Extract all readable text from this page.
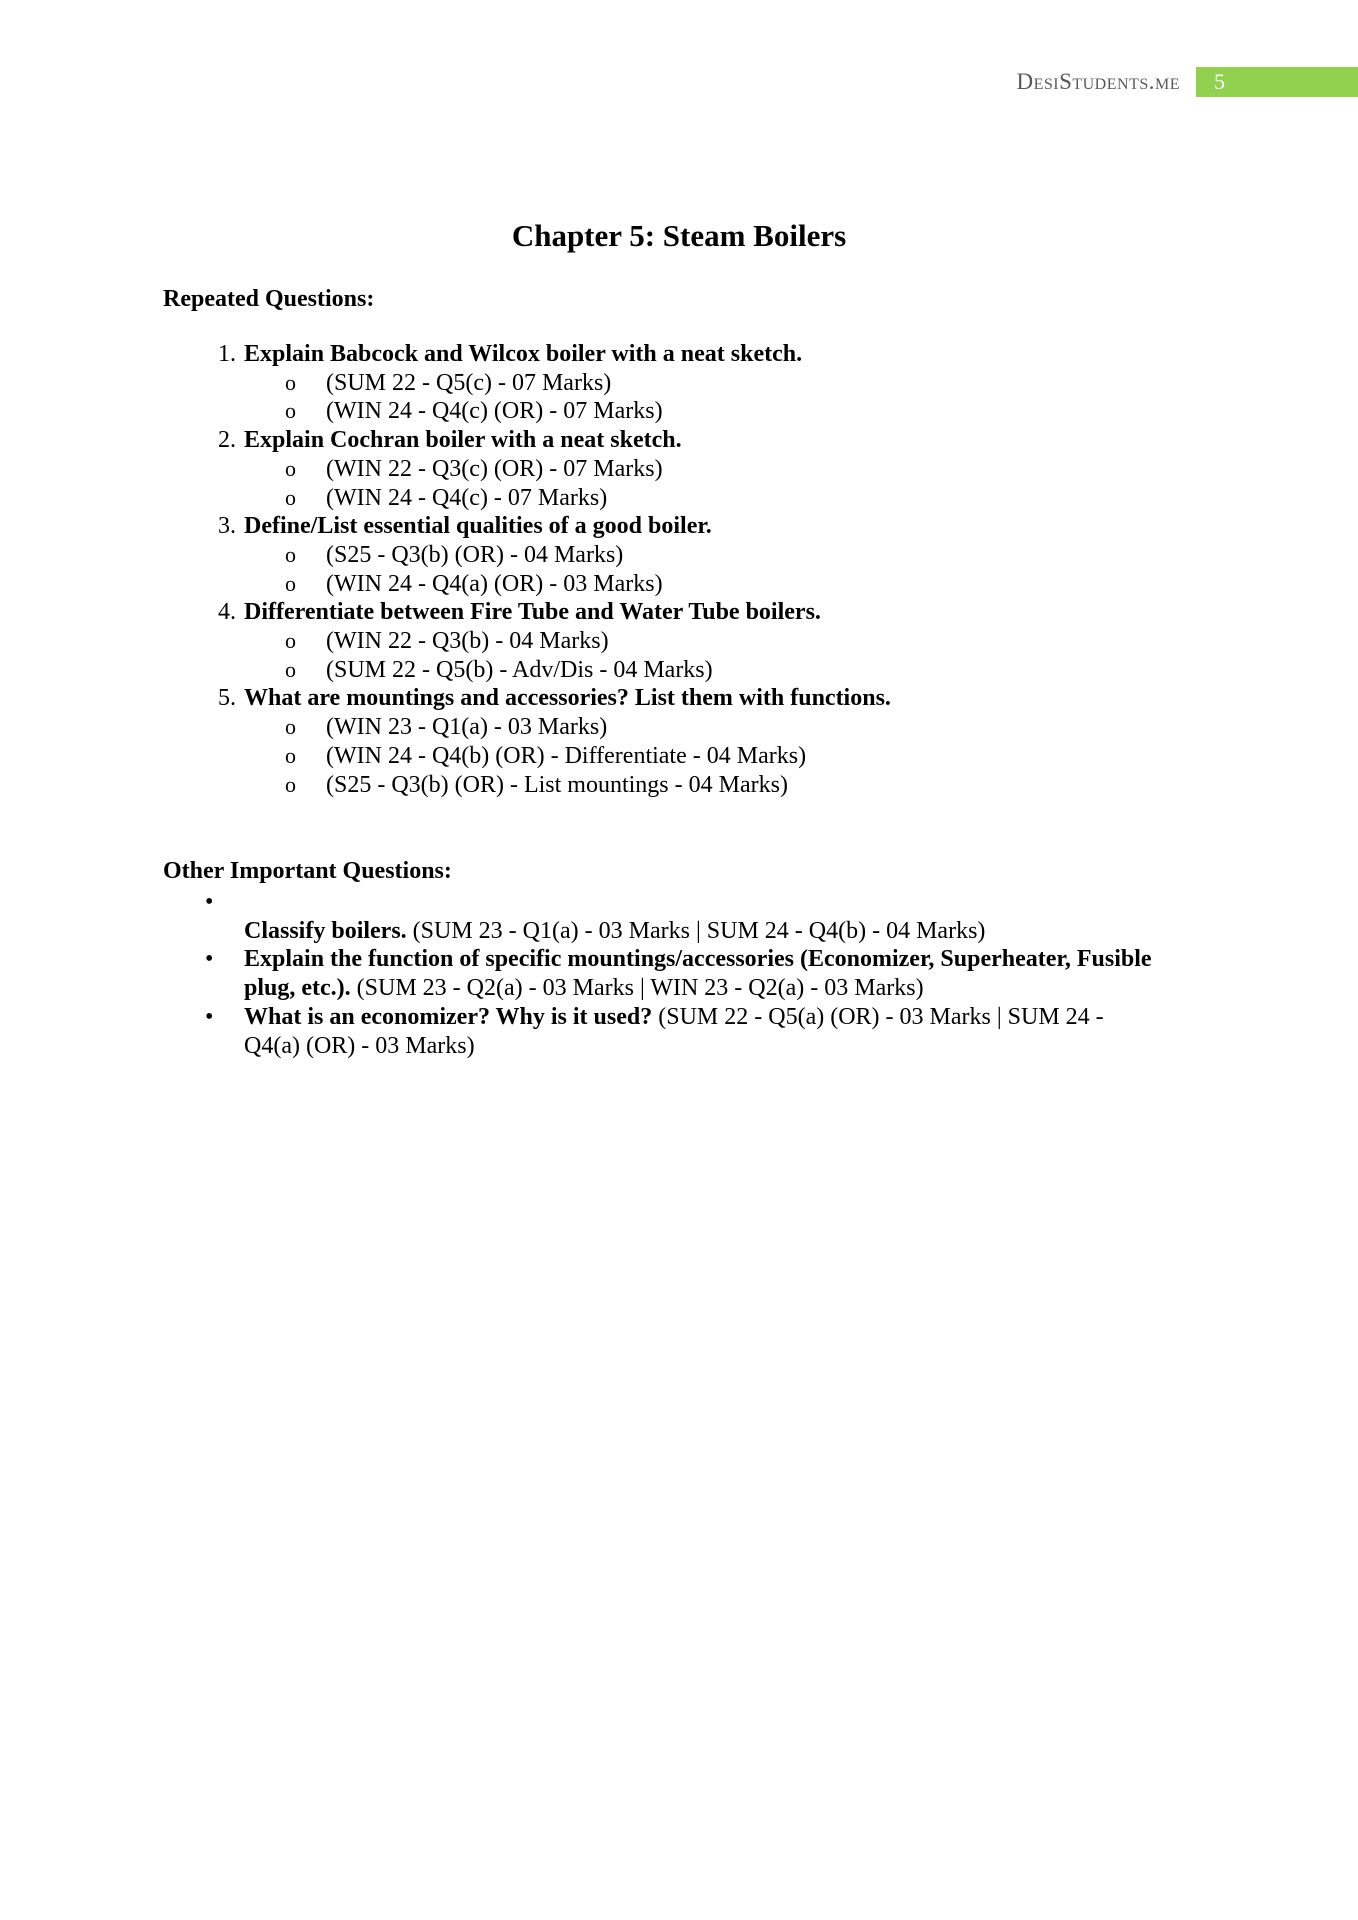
DesiStudents.me	5
Chapter 5: Steam Boilers
Repeated Questions:
1. Explain Babcock and Wilcox boiler with a neat sketch.
o	(SUM 22 - Q5(c) - 07 Marks)
o	(WIN 24 - Q4(c) (OR) - 07 Marks)
2. Explain Cochran boiler with a neat sketch.
o	(WIN 22 - Q3(c) (OR) - 07 Marks)
o	(WIN 24 - Q4(c) - 07 Marks)
3. Define/List essential qualities of a good boiler.
o	(S25 - Q3(b) (OR) - 04 Marks)
o	(WIN 24 - Q4(a) (OR) - 03 Marks)
4. Differentiate between Fire Tube and Water Tube boilers.
o	(WIN 22 - Q3(b) - 04 Marks)
o	(SUM 22 - Q5(b) - Adv/Dis - 04 Marks)
5. What are mountings and accessories? List them with functions.
o	(WIN 23 - Q1(a) - 03 Marks)
o	(WIN 24 - Q4(b) (OR) - Differentiate - 04 Marks)
o	(S25 - Q3(b) (OR) - List mountings - 04 Marks)
Other Important Questions:
•
Classify boilers. (SUM 23 - Q1(a) - 03 Marks | SUM 24 - Q4(b) - 04 Marks)
•	Explain the function of specific mountings/accessories (Economizer, Superheater, Fusible plug, etc.). (SUM 23 - Q2(a) - 03 Marks | WIN 23 - Q2(a) - 03 Marks)
•	What is an economizer? Why is it used? (SUM 22 - Q5(a) (OR) - 03 Marks | SUM 24 - Q4(a) (OR) - 03 Marks)
